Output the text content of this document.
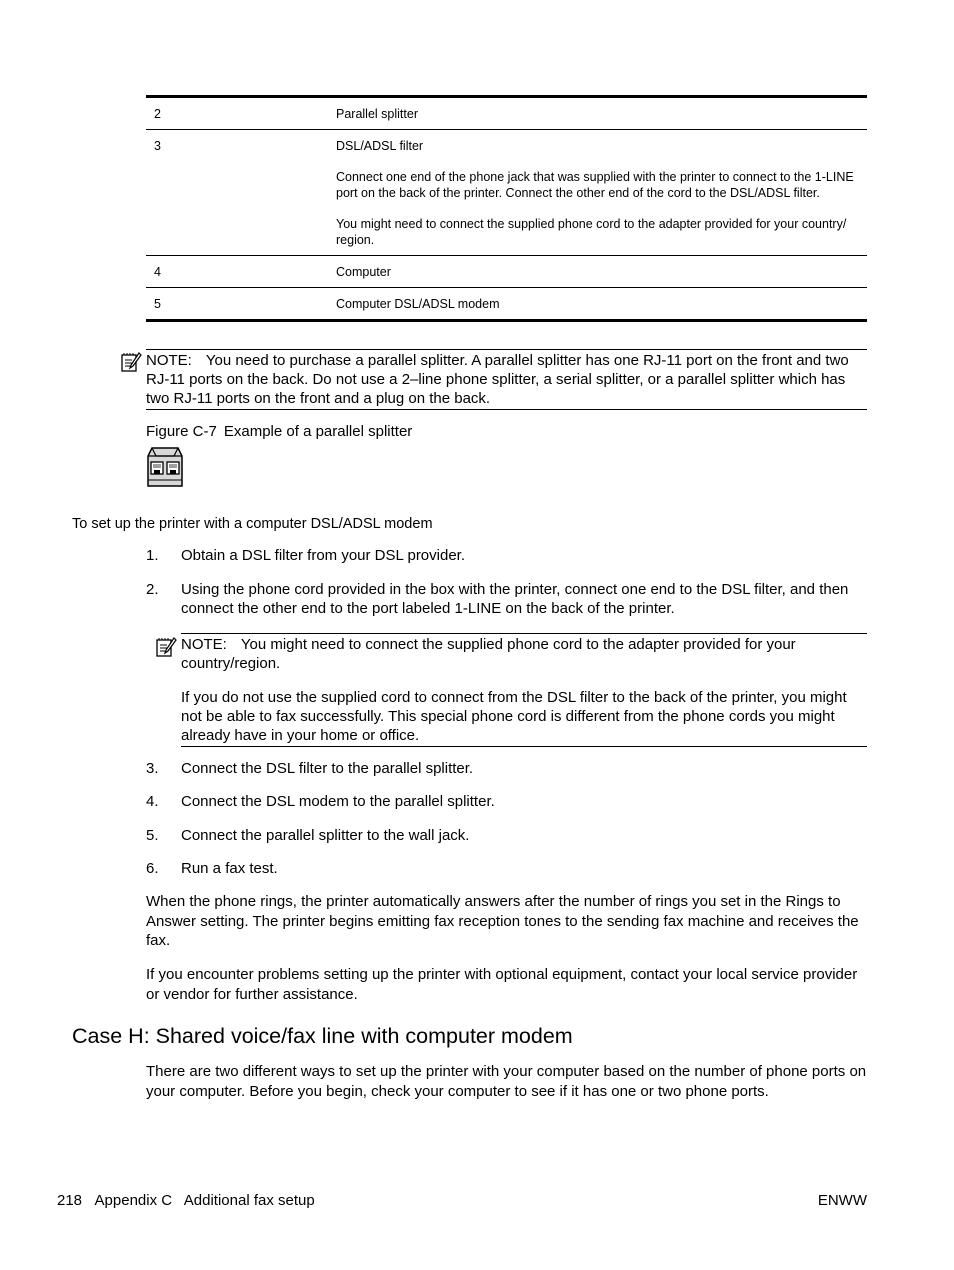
2	Parallel splitter

3	DSL/ADSL filter

Connect one end of the phone jack that was supplied with the printer to connect to the 1-LINE port on the back of the printer. Connect the other end of the cord to the DSL/ADSL filter.

You might need to connect the supplied phone cord to the adapter provided for your country/ region.

4	Computer

5	Computer DSL/ADSL modem

NOTE: You need to purchase a parallel splitter. A parallel splitter has one RJ-11 port on the front and two RJ-11 ports on the back. Do not use a 2–line phone splitter, a serial splitter, or a parallel splitter which has two RJ-11 ports on the front and a plug on the back.

Figure C-7 Example of a parallel splitter
To set up the printer with a computer DSL/ADSL modem
1. Obtain a DSL filter from your DSL provider.
2. Using the phone cord provided in the box with the printer, connect one end to the DSL filter, and then connect the other end to the port labeled 1-LINE on the back of the printer.

NOTE: You might need to connect the supplied phone cord to the adapter provided for your country/region.

If you do not use the supplied cord to connect from the DSL filter to the back of the printer, you might not be able to fax successfully. This special phone cord is different from the phone cords you might already have in your home or office.

3. Connect the DSL filter to the parallel splitter.
4. Connect the DSL modem to the parallel splitter.
5. Connect the parallel splitter to the wall jack.
6. Run a fax test.
When the phone rings, the printer automatically answers after the number of rings you set in the Rings to Answer setting. The printer begins emitting fax reception tones to the sending fax machine and receives the fax.
If you encounter problems setting up the printer with optional equipment, contact your local service provider or vendor for further assistance.
Case H: Shared voice/fax line with computer modem
There are two different ways to set up the printer with your computer based on the number of phone ports on your computer. Before you begin, check your computer to see if it has one or two phone ports.
218 Appendix C   Additional fax setup	ENWW
